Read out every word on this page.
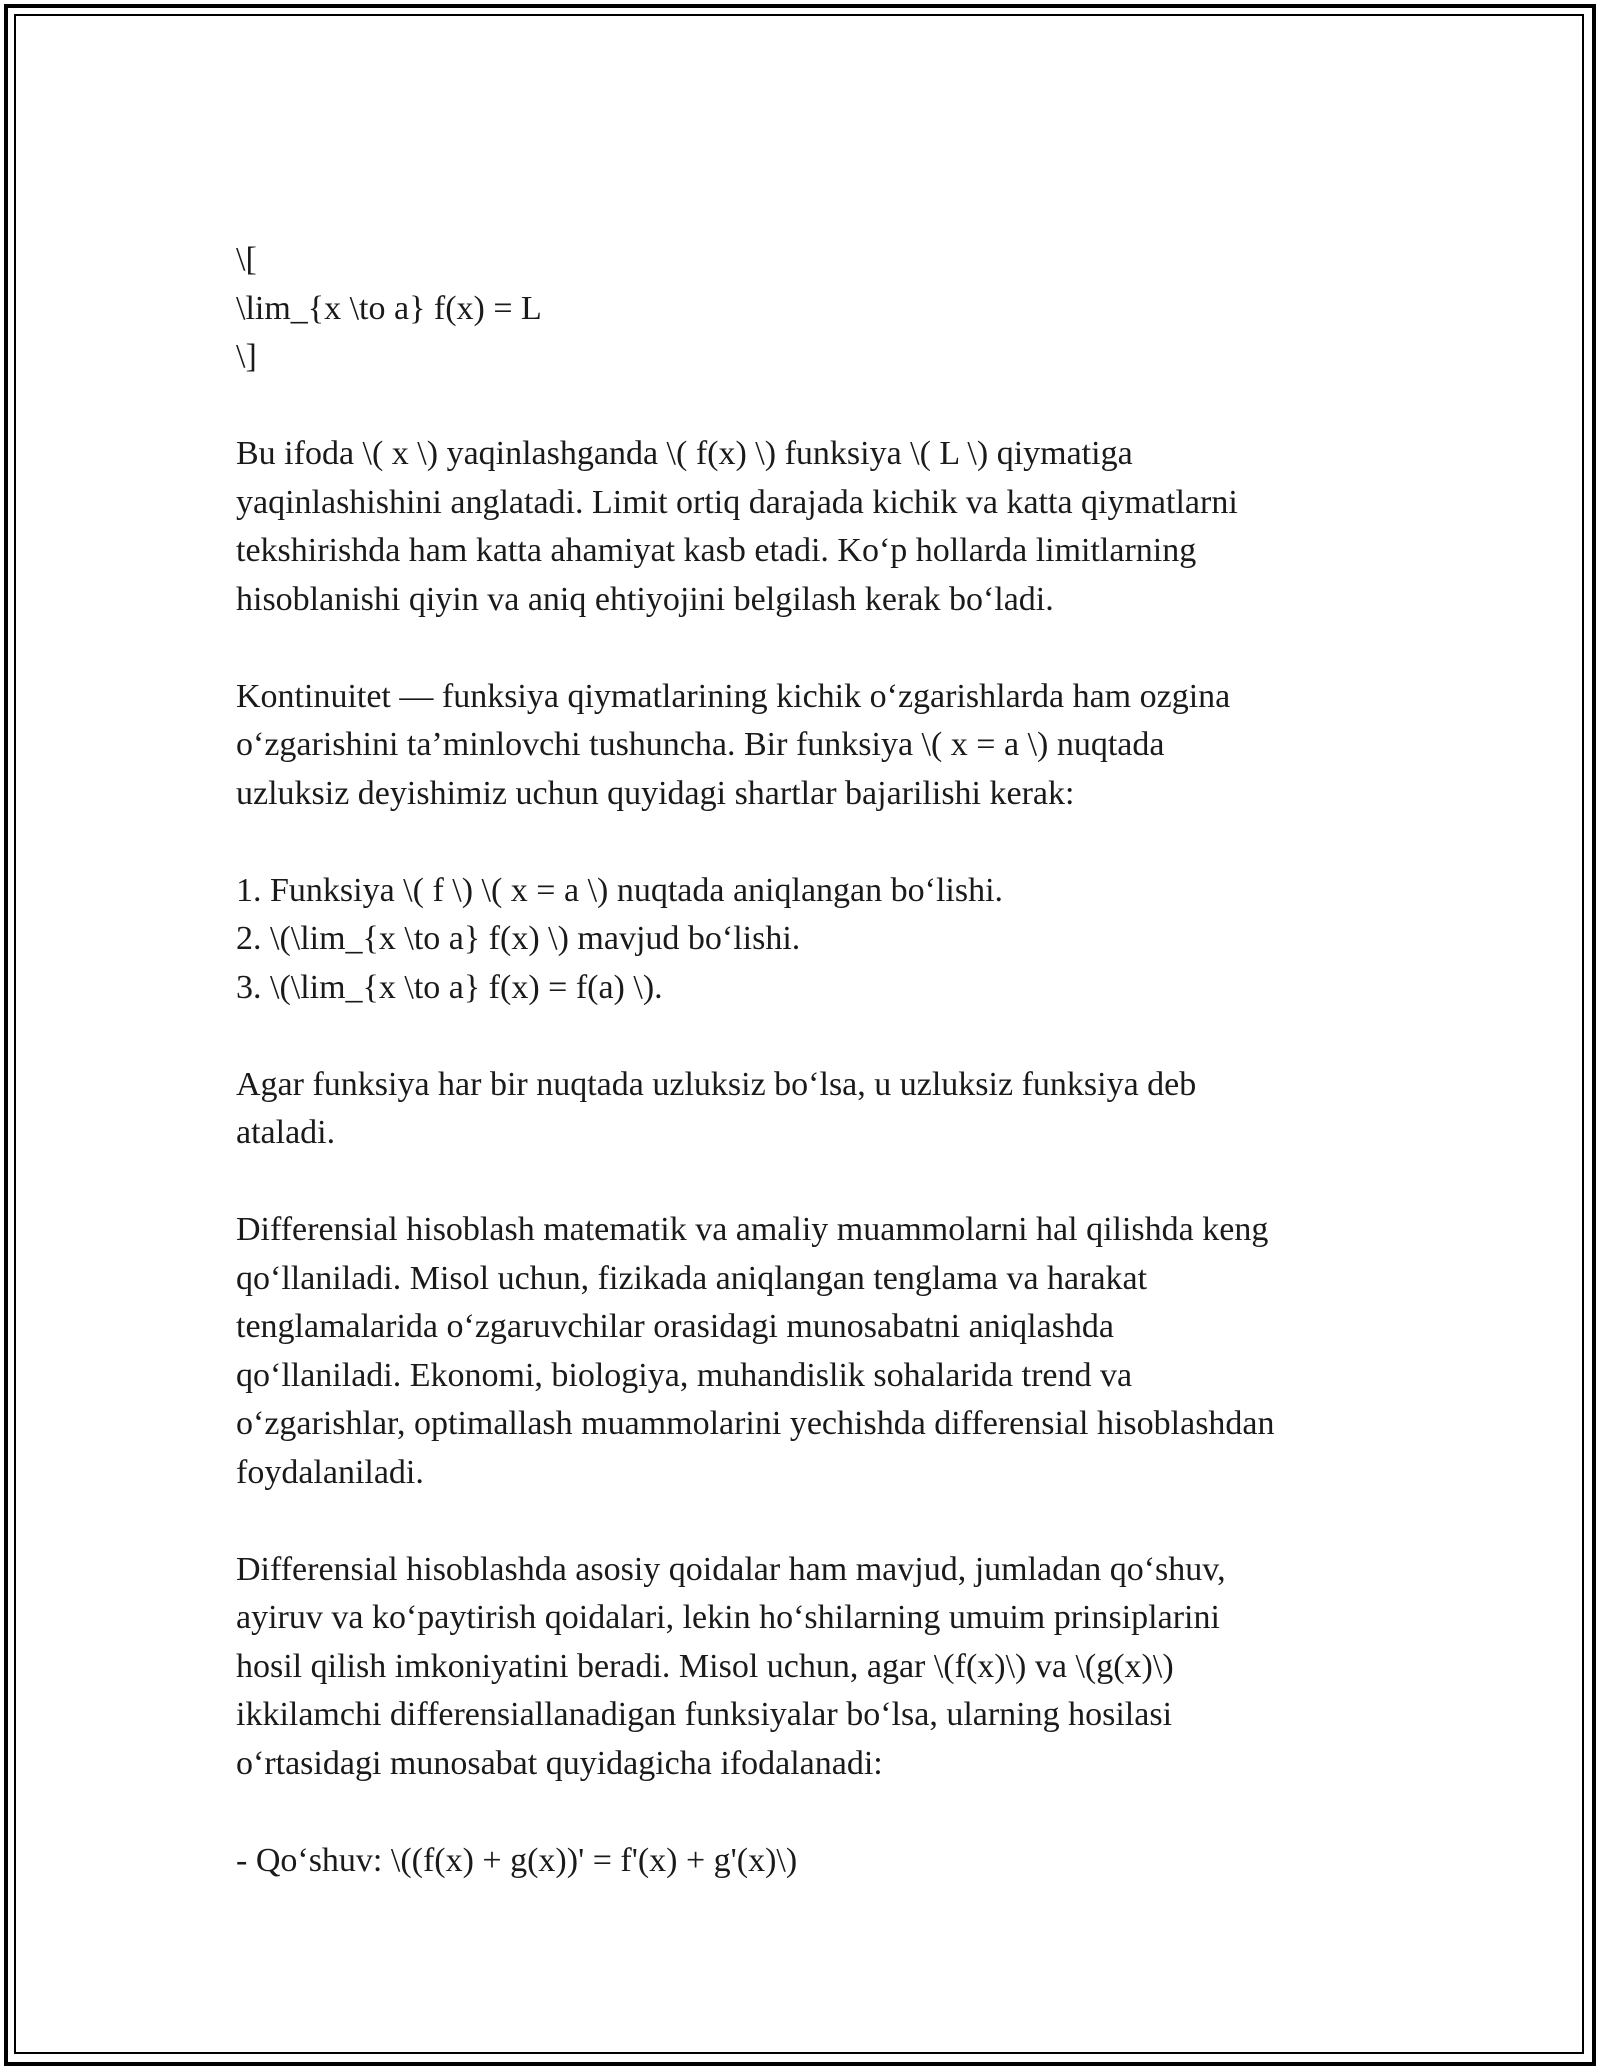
\[
\lim_{x \to a} f(x) = L
\]
Bu ifoda \( x \) yaqinlashganda \( f(x) \) funksiya \( L \) qiymatiga
yaqinlashishini anglatadi. Limit ortiq darajada kichik va katta qiymatlarni
tekshirishda ham katta ahamiyat kasb etadi. Ko‘p hollarda limitlarning
hisoblanishi qiyin va aniq ehtiyojini belgilash kerak bo‘ladi.
Kontinuitet — funksiya qiymatlarining kichik o‘zgarishlarda ham ozgina
o‘zgarishini ta’minlovchi tushuncha. Bir funksiya \( x = a \) nuqtada
uzluksiz deyishimiz uchun quyidagi shartlar bajarilishi kerak:
1. Funksiya \( f \) \( x = a \) nuqtada aniqlangan bo‘lishi.
2. \(\lim_{x \to a} f(x) \) mavjud bo‘lishi.
3. \(\lim_{x \to a} f(x) = f(a) \).
Agar funksiya har bir nuqtada uzluksiz bo‘lsa, u uzluksiz funksiya deb
ataladi.
Differensial hisoblash matematik va amaliy muammolarni hal qilishda keng
qo‘llaniladi. Misol uchun, fizikada aniqlangan tenglama va harakat
tenglamalarida o‘zgaruvchilar orasidagi munosabatni aniqlashda
qo‘llaniladi. Ekonomi, biologiya, muhandislik sohalarida trend va
o‘zgarishlar, optimallash muammolarini yechishda differensial hisoblashdan
foydalaniladi.
Differensial hisoblashda asosiy qoidalar ham mavjud, jumladan qo‘shuv,
ayiruv va ko‘paytirish qoidalari, lekin ho‘shilarning umuim prinsiplarini
hosil qilish imkoniyatini beradi. Misol uchun, agar \(f(x)\) va \(g(x)\)
ikkilamchi differensiallanadigan funksiyalar bo‘lsa, ularning hosilasi
o‘rtasidagi munosabat quyidagicha ifodalanadi:
- Qo‘shuv: \((f(x) + g(x))' = f'(x) + g'(x)\)
